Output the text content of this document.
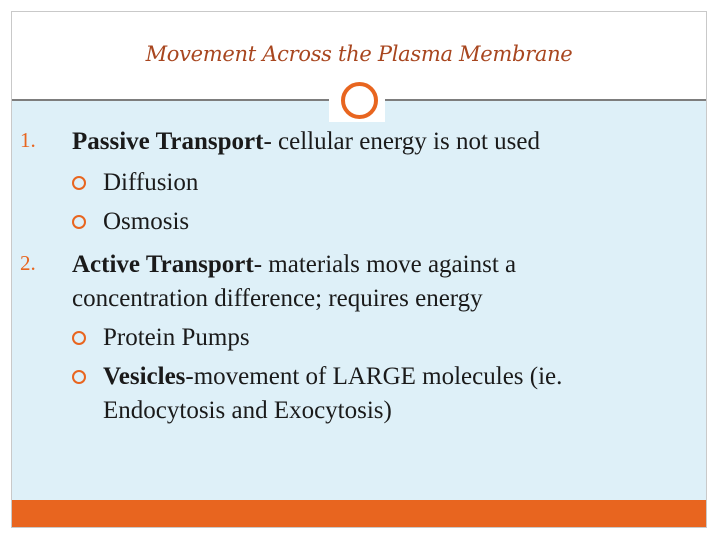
Movement Across the Plasma Membrane
1. Passive Transport- cellular energy is not used
Diffusion
Osmosis
2. Active Transport- materials move against a
concentration difference; requires energy
Protein Pumps
Vesicles-movement of LARGE molecules (ie.
Endocytosis and Exocytosis)
